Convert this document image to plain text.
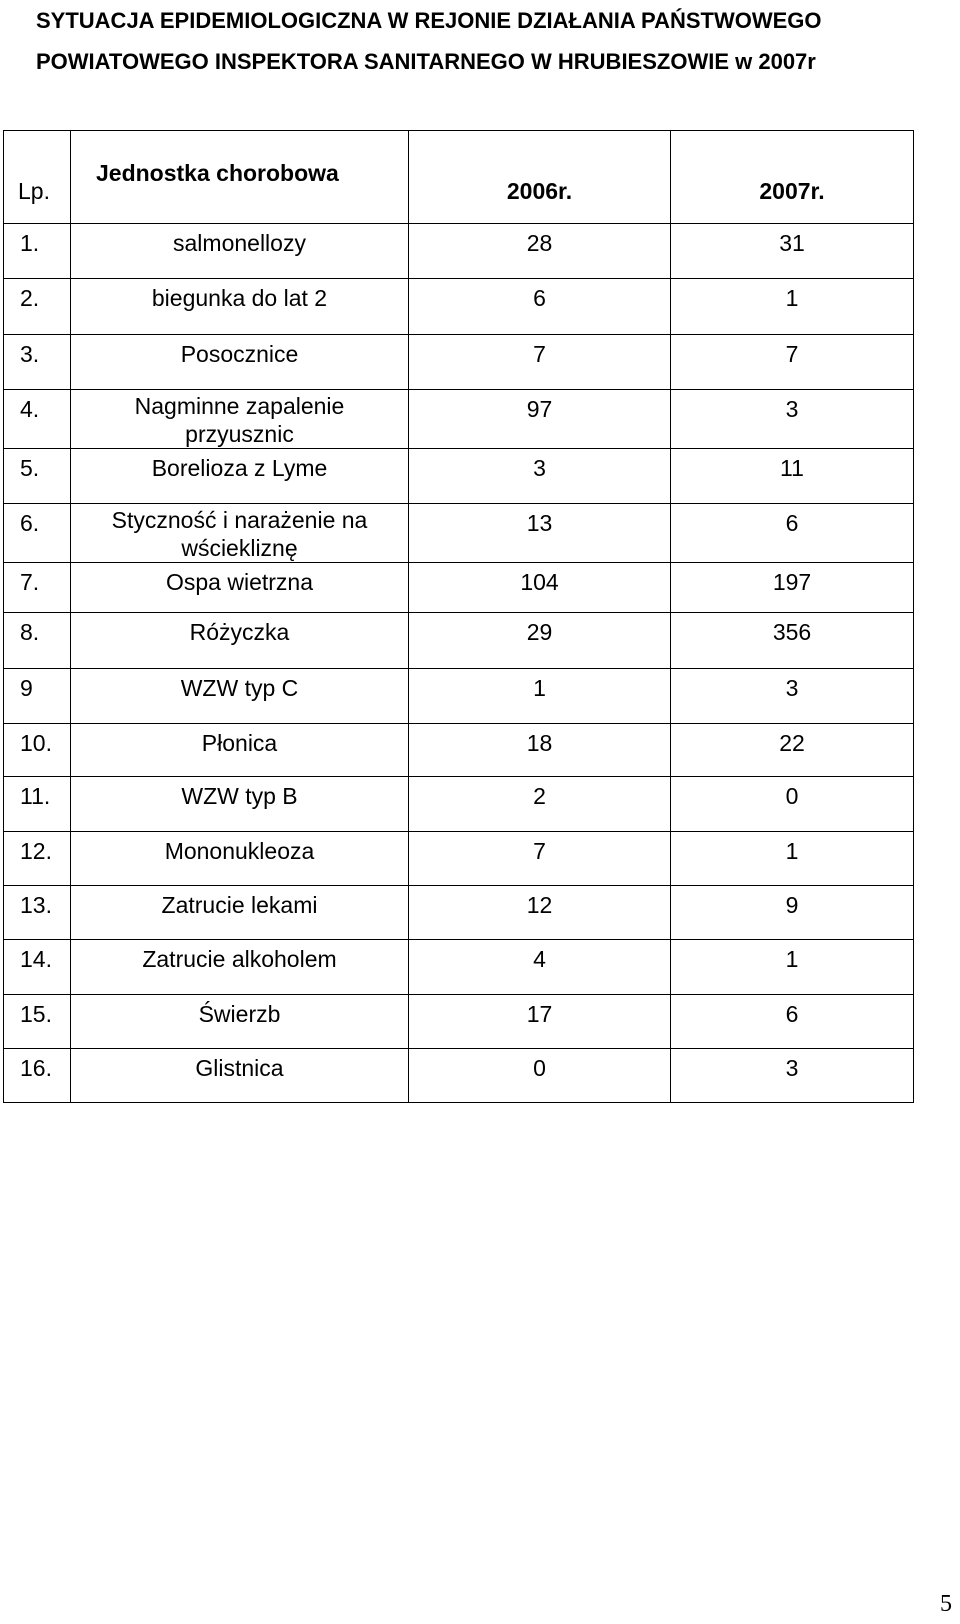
SYTUACJA EPIDEMIOLOGICZNA W REJONIE DZIAŁANIA PAŃSTWOWEGO
POWIATOWEGO INSPEKTORA SANITARNEGO W HRUBIESZOWIE w 2007r
Lp.	Jednostka chorobowa	2006r.	2007r.

1.	salmonellozy	28	31

2.	biegunka do lat 2	6	1

3.	Posocznice	7	7

4.	Nagminne zapalenie
przyusznic	97	3

5.	Borelioza z Lyme	3	11

6.	Styczność i narażenie na
wściekliznę	13	6

7.	Ospa wietrzna	104	197

8.	Różyczka	29	356

9	WZW typ C	1	3

10.	Płonica	18	22

11.	WZW typ B	2	0

12.	Mononukleoza	7	1

13.	Zatrucie lekami	12	9

14.	Zatrucie alkoholem	4	1

15.	Świerzb	17	6

16.	Glistnica	0	3
5
